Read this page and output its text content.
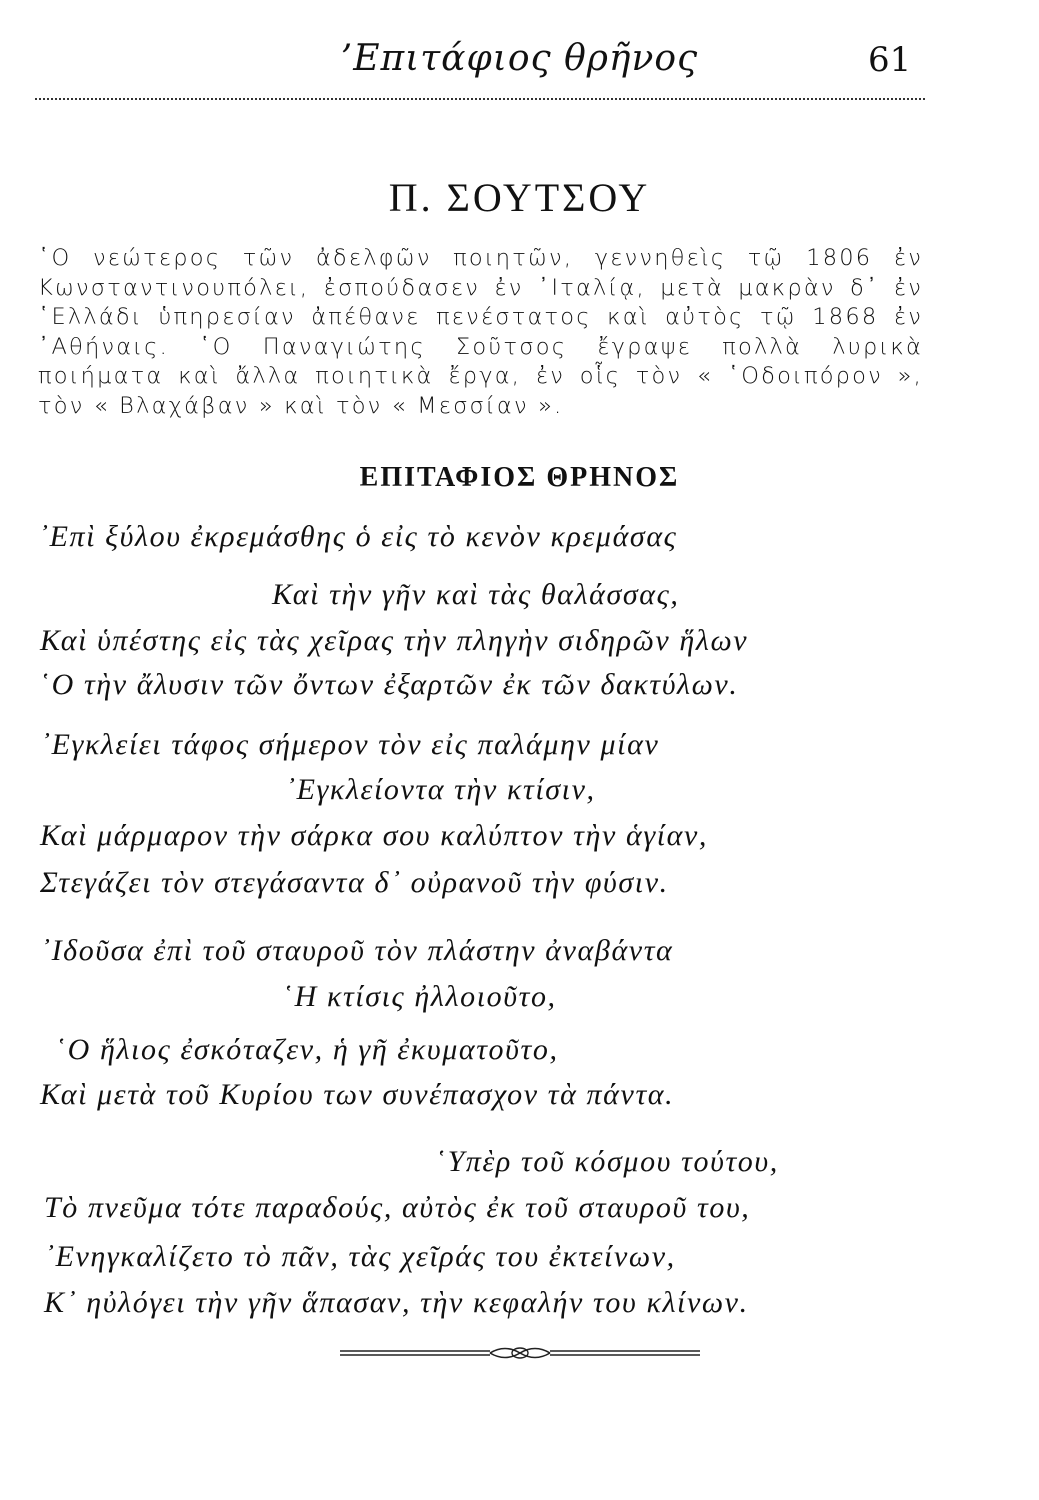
’Επιτάφιος θρῆνος	61
Π. ΣΟΥΤΣΟΥ
῾Ο νεώτερος τῶν ἀδελφῶν ποιητῶν, γεννηθεὶς τῷ 1806 ἐν Κωνσταντινουπόλει, ἐσπούδασεν ἐν ᾽Ιταλίᾳ, μετὰ μακρὰν δ᾽ ἐν ῾Ελλάδι ὑπηρεσίαν ἀπέθανε πενέστατος καὶ αὐτὸς τῷ 1868 ἐν ᾽Αθήναις. ῾Ο Παναγιώτης Σοῦτσος ἔγραψε πολλὰ λυρικὰ ποιήματα καὶ ἄλλα ποιητικὰ ἔργα, ἐν οἷς τὸν « ῾Οδοιπόρον », τὸν « Βλαχάβαν » καὶ τὸν « Μεσσίαν ».
ΕΠΙΤΑΦΙΟΣ ΘΡΗΝΟΣ
᾽Επὶ ξύλου ἐκρεμάσθης ὁ εἰς τὸ κενὸν κρεμάσας
Καὶ τὴν γῆν καὶ τὰς θαλάσσας,
Καὶ ὑπέστης εἰς τὰς χεῖρας τὴν πληγὴν σιδηρῶν ἥλων
῾Ο τὴν ἄλυσιν τῶν ὄντων ἐξαρτῶν ἐκ τῶν δακτύλων.
᾽Εγκλείει τάφος σήμερον τὸν εἰς παλάμην μίαν
᾽Εγκλείοντα τὴν κτίσιν,
Καὶ μάρμαρον τὴν σάρκα σου καλύπτον τὴν ἁγίαν,
Στεγάζει τὸν στεγάσαντα δ᾽ οὐρανοῦ τὴν φύσιν.
᾽Ιδοῦσα ἐπὶ τοῦ σταυροῦ τὸν πλάστην ἀναβάντα
῾Η κτίσις ἠλλοιοῦτο,
῾Ο ἥλιος ἐσκόταζεν, ἡ γῆ ἐκυματοῦτο,
Καὶ μετὰ τοῦ Κυρίου των συνέπασχον τὰ πάντα.
῾Υπὲρ τοῦ κόσμου τούτου,
Τὸ πνεῦμα τότε παραδούς, αὐτὸς ἐκ τοῦ σταυροῦ του,
᾽Ενηγκαλίζετο τὸ πᾶν, τὰς χεῖράς του ἐκτείνων,
Κ᾽ ηὐλόγει τὴν γῆν ἅπασαν, τὴν κεφαλήν του κλίνων.
